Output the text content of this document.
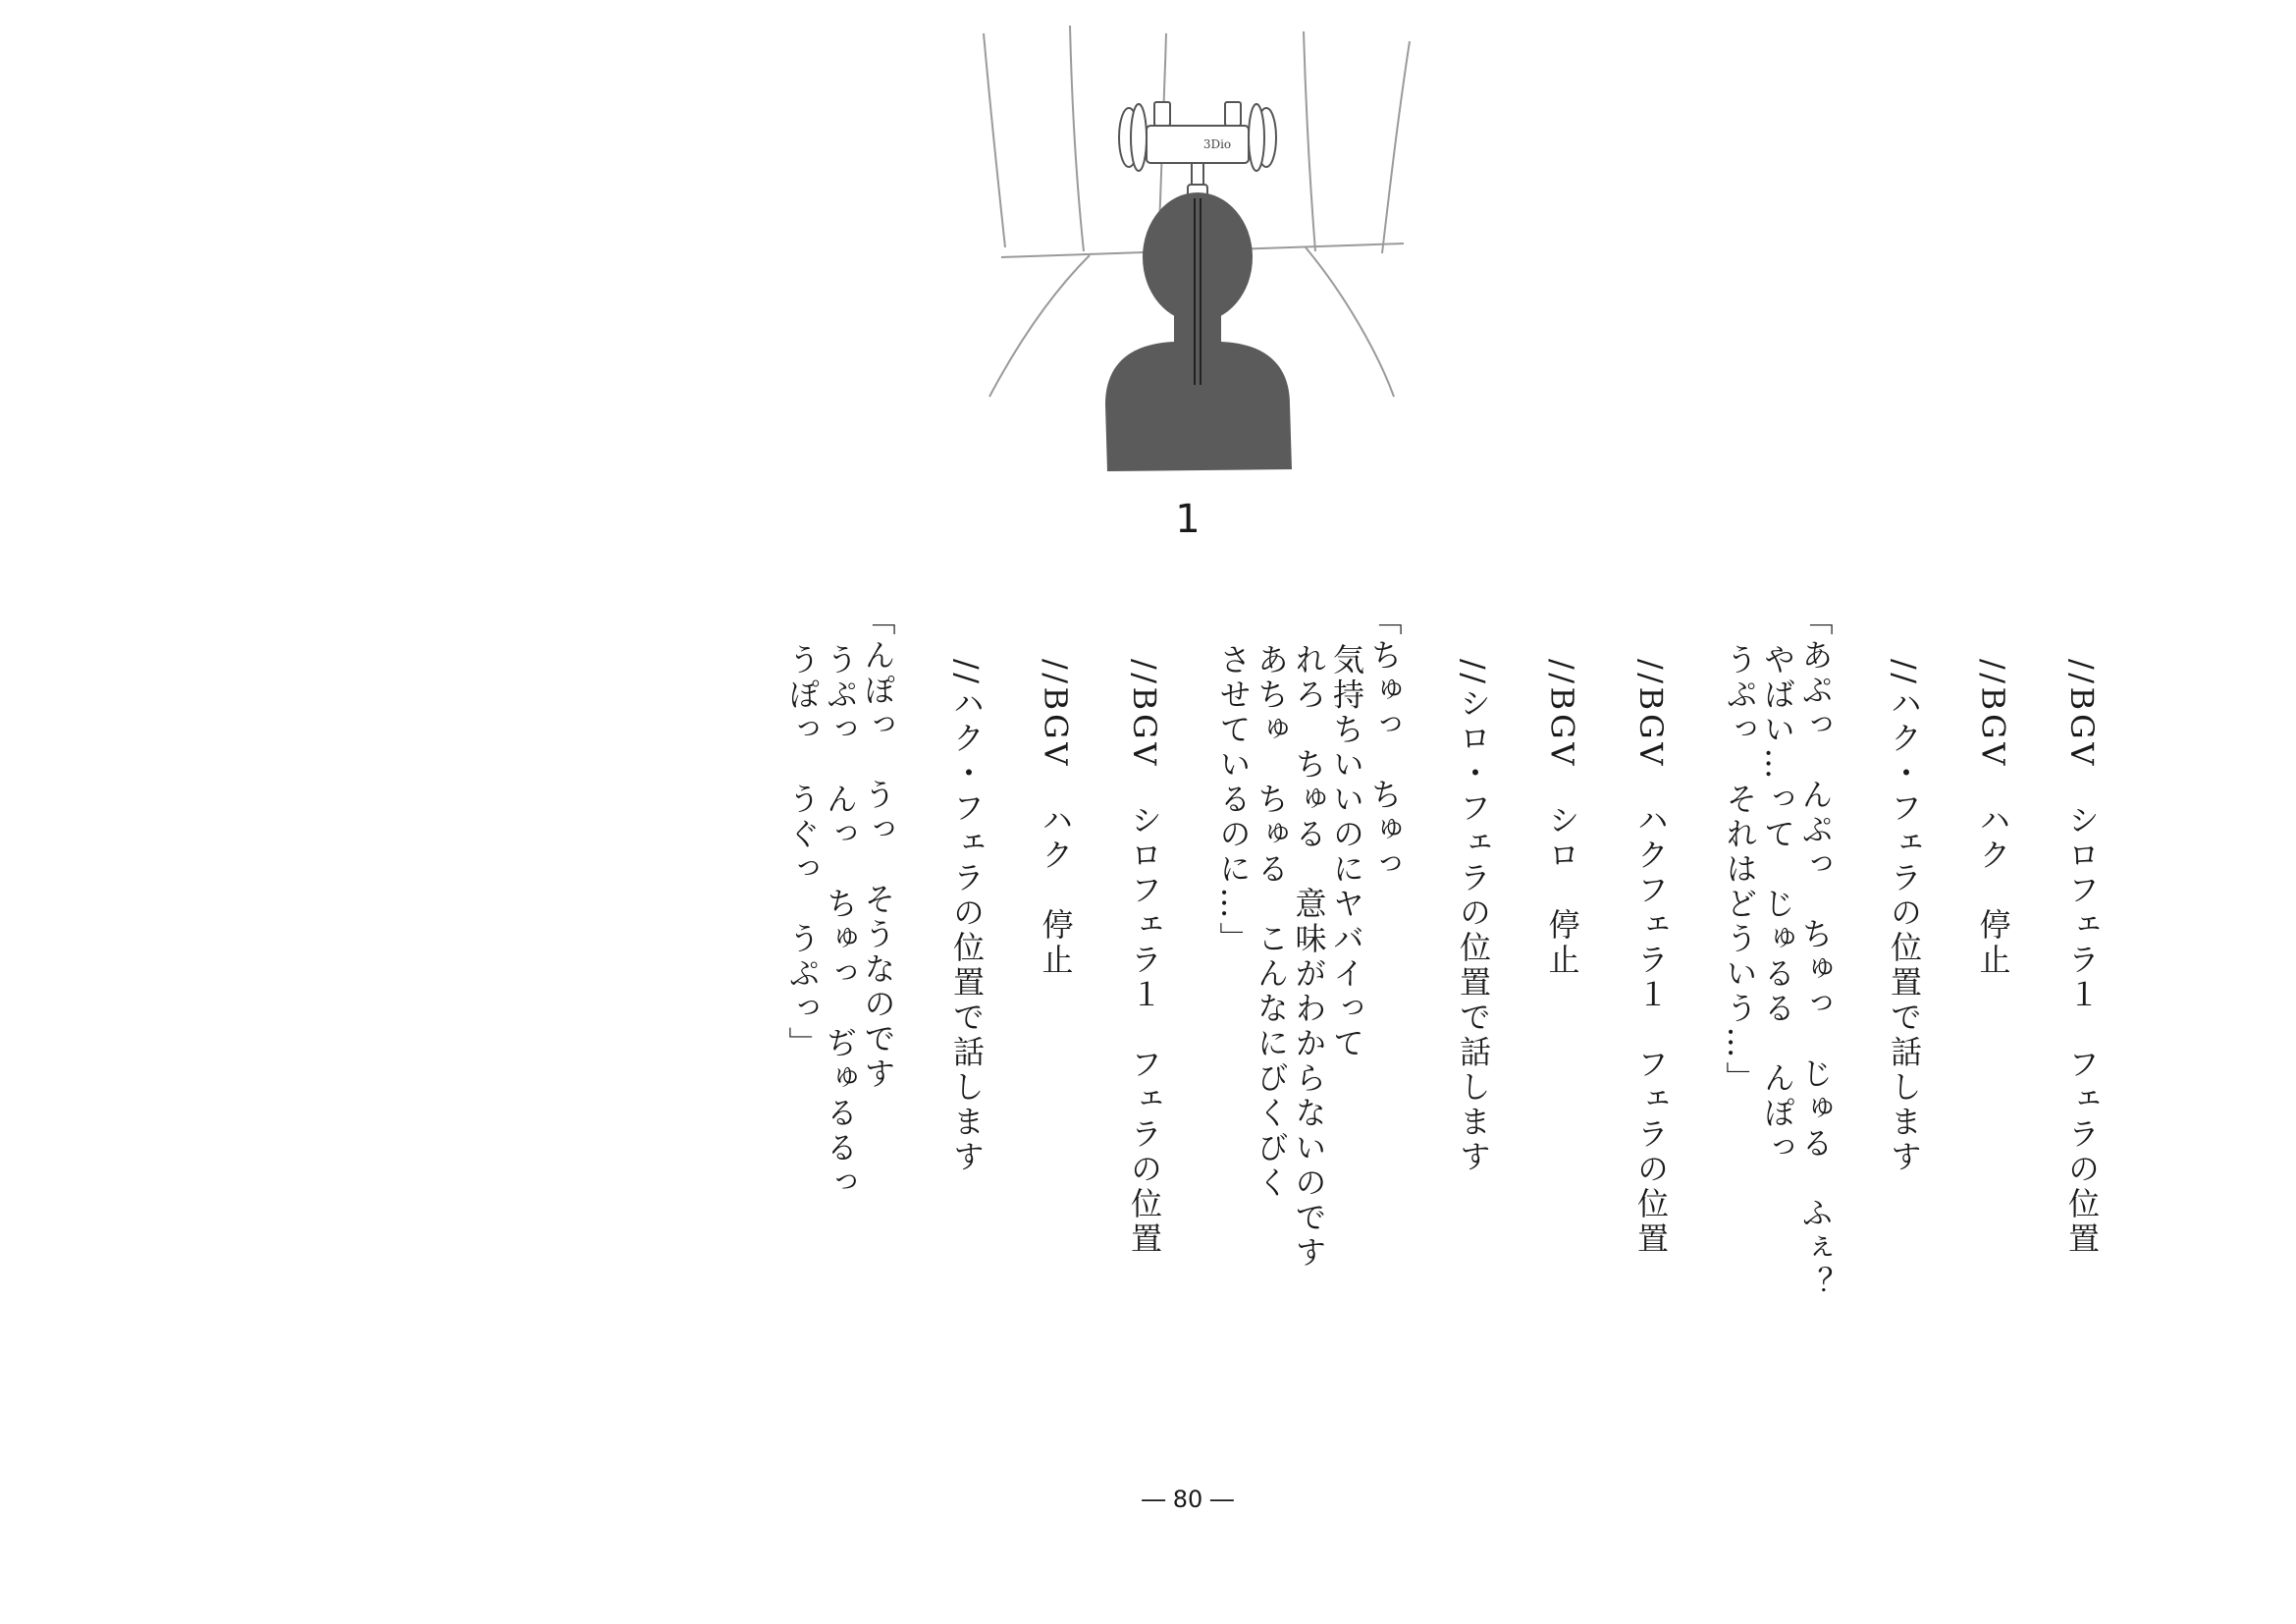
3Dio
1
//BGV　シロフェラ１　フェラの位置
//BGV　ハク　停止
//ハク・フェラの位置で話します
「あぷっ　んぷっ　ちゅっ　じゅる　ふぇ？
やばい…って　じゅるる　んぽっ
うぷっ　それはどういう…」
//BGV　ハクフェラ１　フェラの位置
//BGV　シロ　停止
//シロ・フェラの位置で話します
「ちゅっ　ちゅっ
気持ちいいのにヤバイって
れろ　ちゅる　意味がわからないのです
あちゅ　ちゅる　こんなにびくびく
させているのに…」
//BGV　シロフェラ１　フェラの位置
//BGV　ハク　停止
//ハク・フェラの位置で話します
「んぽっ　うっ　そうなのです
うぷっ　んっ　ちゅっ　ぢゅるるっ
うぽっ　うぐっ　うぷっ」
― 80 ―
